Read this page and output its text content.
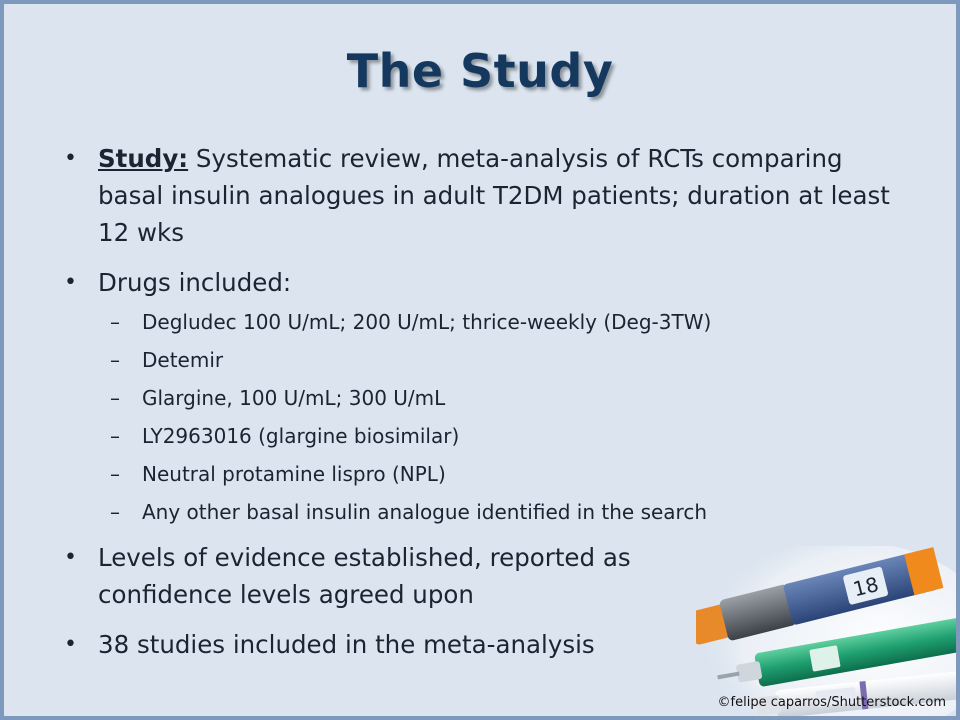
The Study
• Study: Systematic review, meta-analysis of RCTs comparing basal insulin analogues in adult T2DM patients; duration at least 12 wks
• Drugs included:
– Degludec 100 U/mL; 200 U/mL; thrice-weekly (Deg-3TW)
– Detemir
– Glargine, 100 U/mL; 300 U/mL
– LY2963016 (glargine biosimilar)
– Neutral protamine lispro (NPL)
– Any other basal insulin analogue identified in the search
• Levels of evidence established, reported as confidence levels agreed upon
• 38 studies included in the meta-analysis
18
©felipe caparros/Shutterstock.com
